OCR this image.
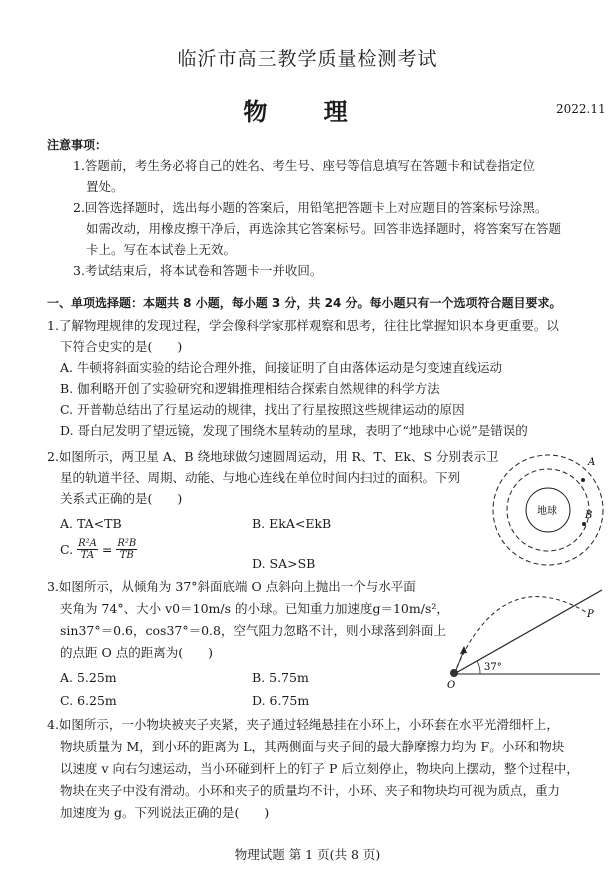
临沂市高三教学质量检测考试
物 理	2022.11
注意事项：
1.答题前，考生务必将自己的姓名、考生号、座号等信息填写在答题卡和试卷指定位
置处。
2.回答选择题时，选出每小题的答案后，用铅笔把答题卡上对应题目的答案标号涂黑。
如需改动，用橡皮擦干净后，再选涂其它答案标号。回答非选择题时，将答案写在答题
卡上。写在本试卷上无效。
3.考试结束后，将本试卷和答题卡一并收回。
一、单项选择题：本题共 8 小题，每小题 3 分，共 24 分。每小题只有一个选项符合题目要求。
1.了解物理规律的发现过程，学会像科学家那样观察和思考，往往比掌握知识本身更重要。以
下符合史实的是(　　)
A. 牛顿将斜面实验的结论合理外推，间接证明了自由落体运动是匀变速直线运动
B. 伽利略开创了实验研究和逻辑推理相结合探索自然规律的科学方法
C. 开普勒总结出了行星运动的规律，找出了行星按照这些规律运动的原因
D. 哥白尼发明了望远镜，发现了围绕木星转动的星球，表明了“地球中心说”是错误的
2.如图所示，两卫星 A、B 绕地球做匀速圆周运动，用 R、T、Ek、S 分别表示卫
星的轨道半径、周期、动能、与地心连线在单位时间内扫过的面积。下列
关系式正确的是(　　)
A. TA<TB	B. EkA<EkB
C. $\frac{\text{R²A}}{TA} = \frac{\text{R²B}}{TB}$
D. SA>SB
地球
A
B
3.如图所示，从倾角为 37°斜面底端 O 点斜向上抛出一个与水平面
夹角为 74°、大小 v0＝10m/s 的小球。已知重力加速度g＝10m/s²，
sin37°＝0.6，cos37°＝0.8，空气阻力忽略不计，则小球落到斜面上
的点距 O 点的距离为(　　)
A. 5.25m	B. 5.75m
C. 6.25m	D. 6.75m
37°
O
P
4.如图所示，一小物块被夹子夹紧，夹子通过轻绳悬挂在小环上，小环套在水平光滑细杆上，
物块质量为 M，到小环的距离为 L，其两侧面与夹子间的最大静摩擦力均为 F。小环和物块
以速度 v 向右匀速运动，当小环碰到杆上的钉子 P 后立刻停止，物块向上摆动，整个过程中，
物块在夹子中没有滑动。小环和夹子的质量均不计，小环、夹子和物块均可视为质点，重力
加速度为 g。下列说法正确的是(　　)
物理试题 第 1 页(共 8 页)
